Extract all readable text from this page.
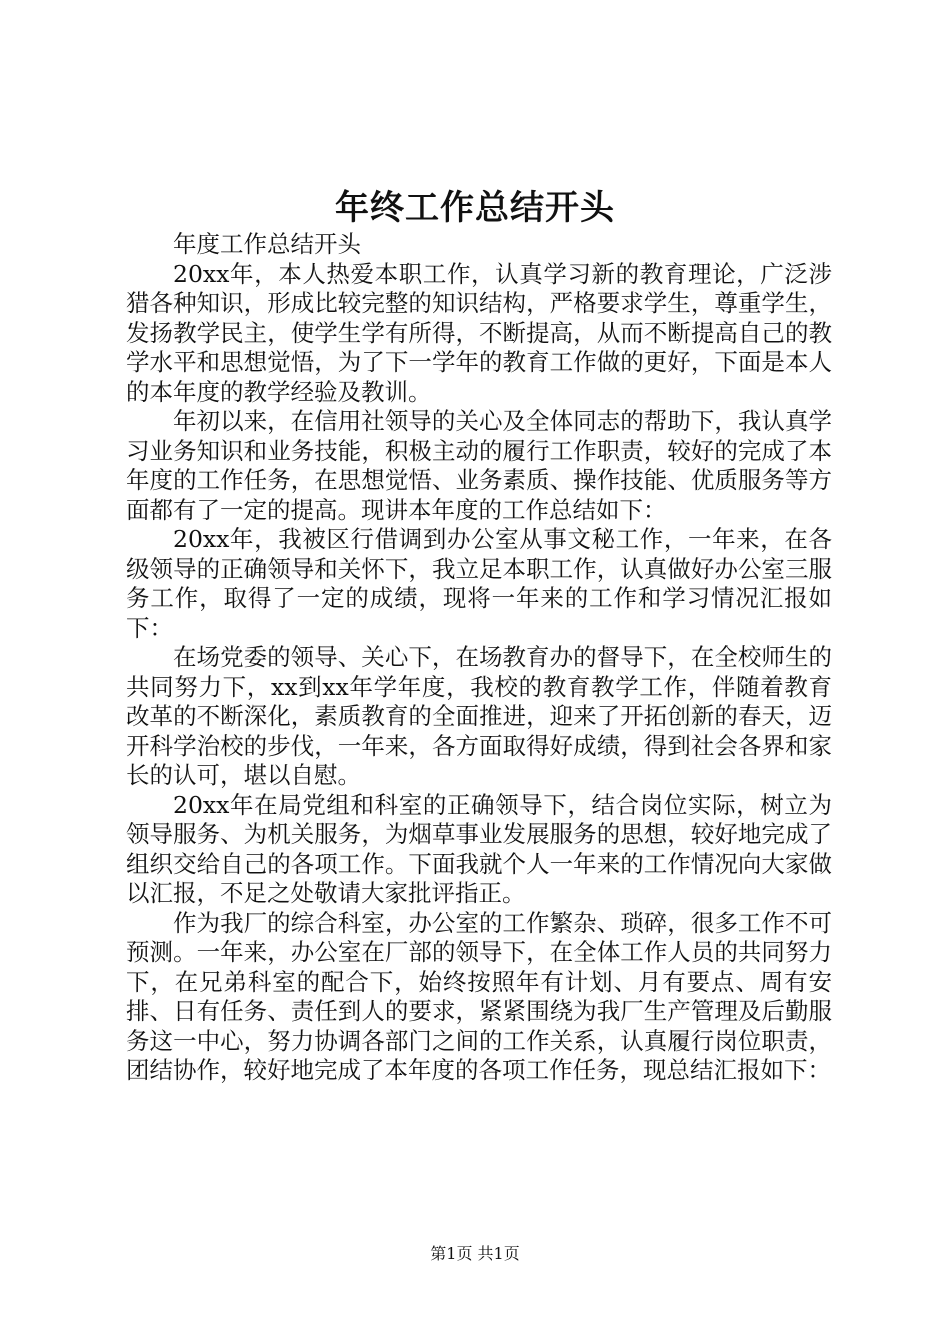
年终工作总结开头

年度工作总结开头

20xx年，本人热爱本职工作，认真学习新的教育理论，广泛涉猎各种知识，形成比较完整的知识结构，严格要求学生，尊重学生，发扬教学民主，使学生学有所得，不断提高，从而不断提高自己的教学水平和思想觉悟，为了下一学年的教育工作做的更好，下面是本人的本年度的教学经验及教训。

年初以来，在信用社领导的关心及全体同志的帮助下，我认真学习业务知识和业务技能，积极主动的履行工作职责，较好的完成了本年度的工作任务，在思想觉悟、业务素质、操作技能、优质服务等方面都有了一定的提高。现讲本年度的工作总结如下：

20xx年，我被区行借调到办公室从事文秘工作，一年来，在各级领导的正确领导和关怀下，我立足本职工作，认真做好办公室三服务工作，取得了一定的成绩，现将一年来的工作和学习情况汇报如下：

在场党委的领导、关心下，在场教育办的督导下，在全校师生的共同努力下，xx到xx年学年度，我校的教育教学工作，伴随着教育改革的不断深化，素质教育的全面推进，迎来了开拓创新的春天，迈开科学治校的步伐，一年来，各方面取得好成绩，得到社会各界和家长的认可，堪以自慰。

20xx年在局党组和科室的正确领导下，结合岗位实际，树立为领导服务、为机关服务，为烟草事业发展服务的思想，较好地完成了组织交给自己的各项工作。下面我就个人一年来的工作情况向大家做以汇报，不足之处敬请大家批评指正。

作为我厂的综合科室，办公室的工作繁杂、琐碎，很多工作不可预测。一年来，办公室在厂部的领导下，在全体工作人员的共同努力下，在兄弟科室的配合下，始终按照年有计划、月有要点、周有安排、日有任务、责任到人的要求，紧紧围绕为我厂生产管理及后勤服务这一中心，努力协调各部门之间的工作关系，认真履行岗位职责，团结协作，较好地完成了本年度的各项工作任务，现总结汇报如下：

第1页 共1页
